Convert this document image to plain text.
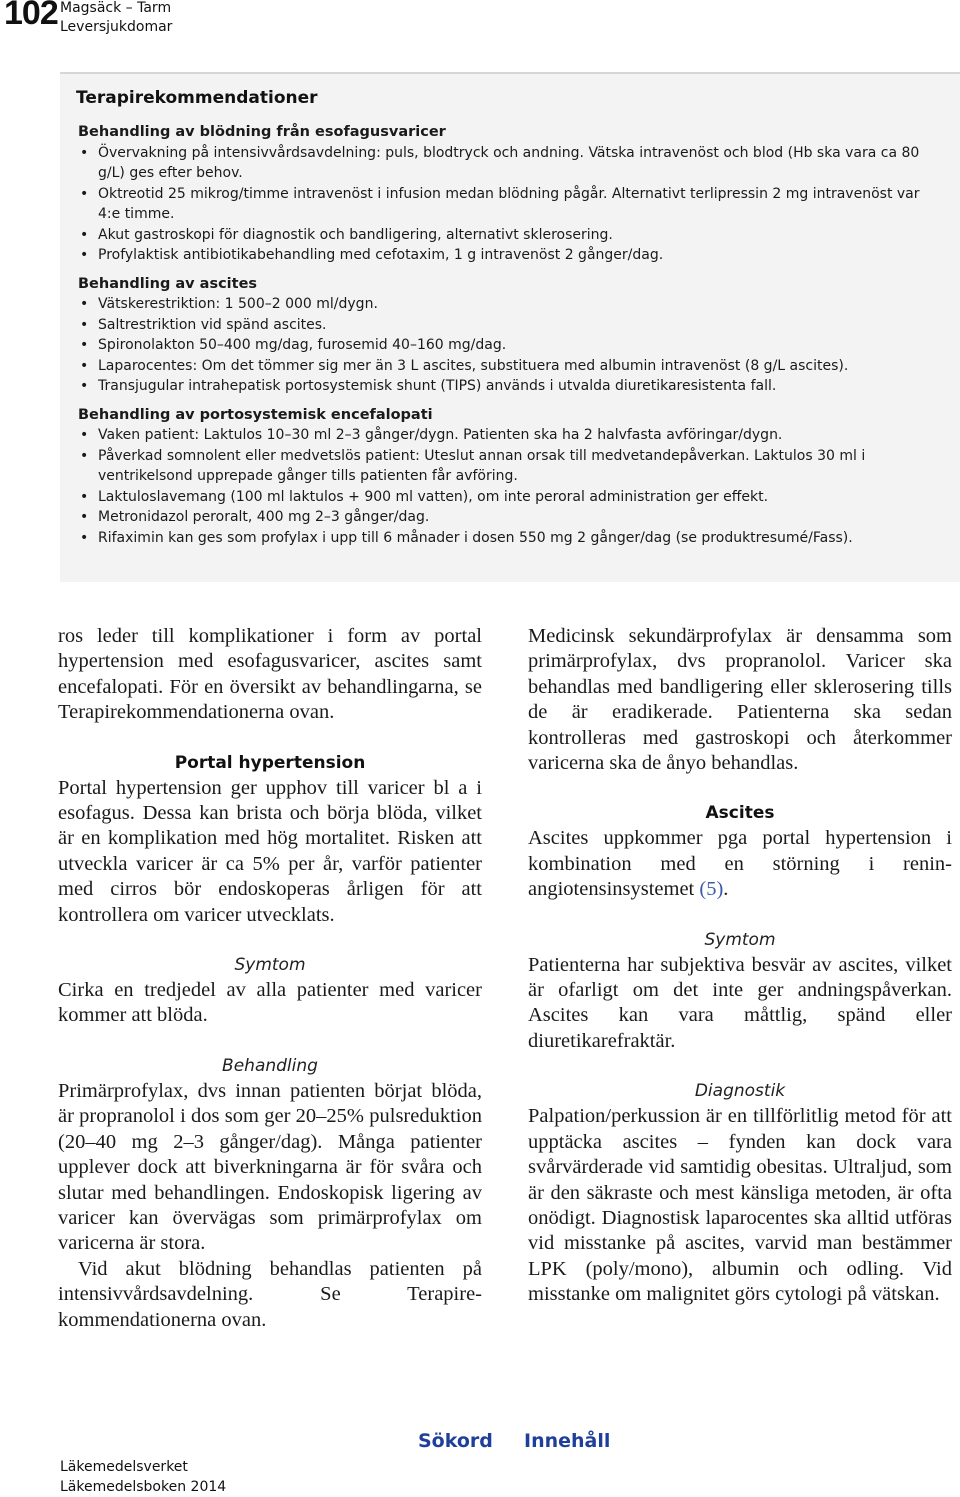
102 Magsäck – Tarm
Leversjukdomar
Terapirekommendationer
Behandling av blödning från esofagusvaricer
• Övervakning på intensivvårdsavdelning: puls, blodtryck och andning. Vätska intravenöst och blod (Hb ska vara ca 80 g/L) ges efter behov.
• Oktreotid 25 mikrog/timme intravenöst i infusion medan blödning pågår. Alternativt terlipressin 2 mg intravenöst var 4:e timme.
• Akut gastroskopi för diagnostik och bandligering, alternativt sklerosering.
• Profylaktisk antibiotikabehandling med cefotaxim, 1 g intravenöst 2 gånger/dag.
Behandling av ascites
• Vätskerestriktion: 1 500–2 000 ml/dygn.
• Saltrestriktion vid spänd ascites.
• Spironolakton 50–400 mg/dag, furosemid 40–160 mg/dag.
• Laparocentes: Om det tömmer sig mer än 3 L ascites, substituera med albumin intravenöst (8 g/L ascites).
• Transjugular intrahepatisk portosystemisk shunt (TIPS) används i utvalda diuretikaresistenta fall.
Behandling av portosystemisk encefalopati
• Vaken patient: Laktulos 10–30 ml 2–3 gånger/dygn. Patienten ska ha 2 halvfasta avföringar/dygn.
• Påverkad somnolent eller medvetslös patient: Uteslut annan orsak till medvetandepåverkan. Laktulos 30 ml i ventrikelsond upprepade gånger tills patienten får avföring.
• Laktuloslavemang (100 ml laktulos + 900 ml vatten), om inte peroral administration ger effekt.
• Metronidazol peroralt, 400 mg 2–3 gånger/dag.
• Rifaximin kan ges som profylax i upp till 6 månader i dosen 550 mg 2 gånger/dag (se produktresumé/Fass).

ros leder till komplikationer i form av portal hypertension med esofagusvaricer, ascites samt encefalopati. För en översikt av behandlingarna, se Terapirekommendationerna ovan.

Portal hypertension

Portal hypertension ger upphov till varicer bl a i esofagus. Dessa kan brista och börja blöda, vilket är en komplikation med hög mortalitet. Risken att utveckla varicer är ca 5% per år, varför patienter med cirros bör endoskoperas årligen för att kontrollera om varicer utvecklats.

Symtom

Cirka en tredjedel av alla patienter med varicer kommer att blöda.

Behandling

Primärprofylax, dvs innan patienten börjat blöda, är propranolol i dos som ger 20–25% pulsreduktion (20–40 mg 2–3 gånger/dag). Många patienter upplever dock att biverkningarna är för svåra och slutar med behandlingen. Endoskopisk ligering av varicer kan övervägas som primärprofylax om varicerna är stora.

Vid akut blödning behandlas patienten på intensivvårdsavdelning. Se Terapirekommendationerna ovan.

Medicinsk sekundärprofylax är densamma som primärprofylax, dvs propranolol. Varicer ska behandlas med bandligering eller sklerosering tills de är eradikerade. Patienterna ska sedan kontrolleras med gastroskopi och återkommer varicerna ska de ånyo behandlas.

Ascites

Ascites uppkommer pga portal hypertension i kombination med en störning i renin-angiotensinsystemet (5).

Symtom

Patienterna har subjektiva besvär av ascites, vilket är ofarligt om det inte ger andningspåverkan. Ascites kan vara måttlig, spänd eller diuretikarefraktär.

Diagnostik

Palpation/perkussion är en tillförlitlig metod för att upptäcka ascites – fynden kan dock vara svårvärderade vid samtidig obesitas. Ultraljud, som är den säkraste och mest känsliga metoden, är ofta onödigt. Diagnostisk laparocentes ska alltid utföras vid misstanke på ascites, varvid man bestämmer LPK (poly/mono), albumin och odling. Vid misstanke om malignitet görs cytologi på vätskan.

Sökord Innehåll
Läkemedelsverket
Läkemedelsboken 2014
